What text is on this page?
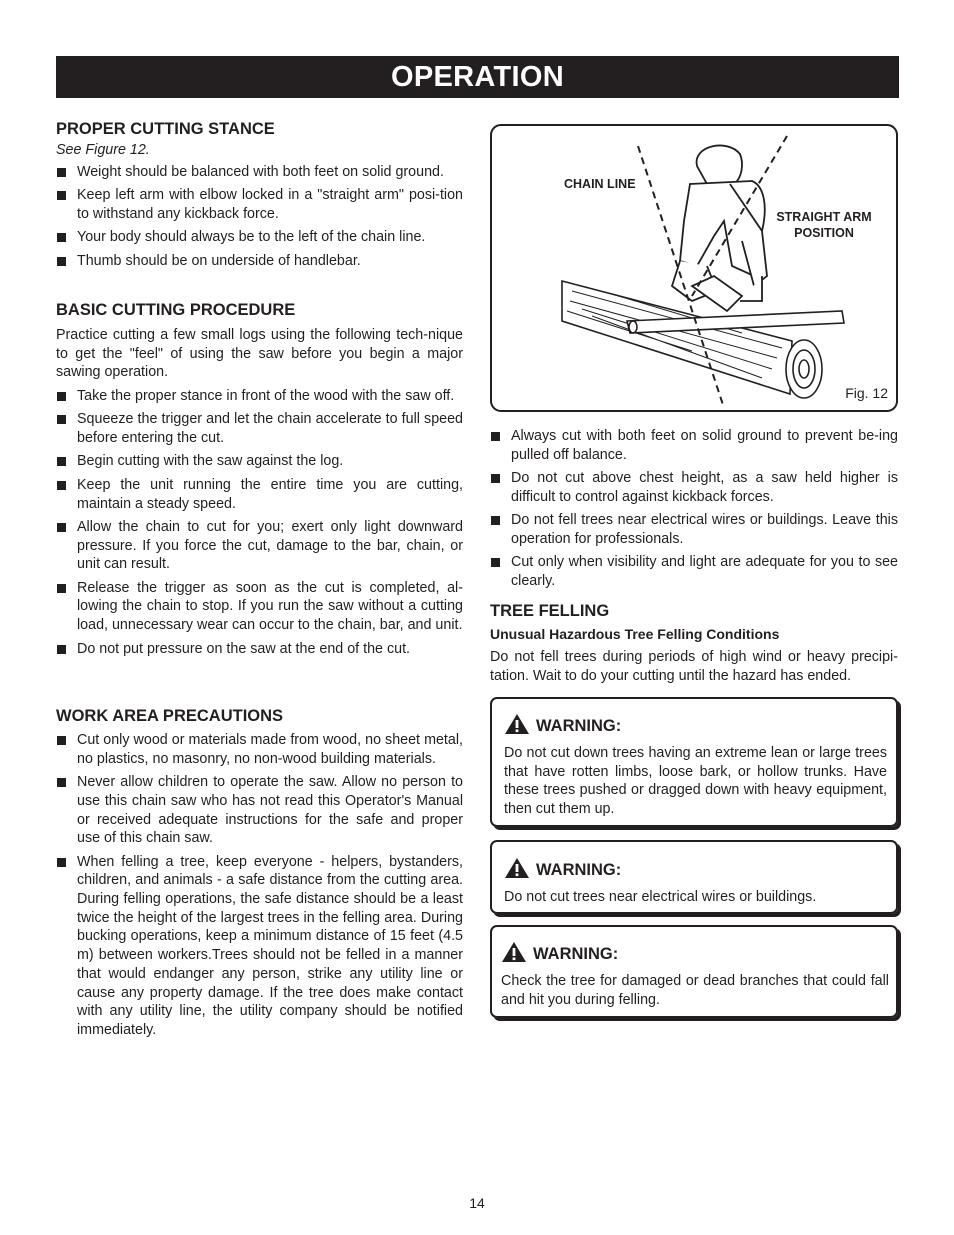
OPERATION
PROPER CUTTING STANCE
See Figure 12.
Weight should be balanced with both feet on solid ground.
Keep left arm with elbow locked in a "straight arm" posi-tion to withstand any kickback force.
Your body should always be to the left of the chain line.
Thumb should be on underside of handlebar.
BASIC CUTTING PROCEDURE
Practice cutting a few small logs using the following tech-nique to get the "feel" of using the saw before you begin a major sawing operation.
Take the proper stance in front of the wood with the saw off.
Squeeze the trigger and let the chain accelerate to full speed before entering the cut.
Begin cutting with the saw against the log.
Keep the unit running the entire time you are cutting, maintain a steady speed.
Allow the chain to cut for you; exert only light downward pressure. If you force the cut, damage to the bar, chain, or unit can result.
Release the trigger as soon as the cut is completed, al-lowing the chain to stop. If you run the saw without a cutting load, unnecessary wear can occur to the chain, bar, and unit.
Do not put pressure on the saw at the end of the cut.
WORK AREA PRECAUTIONS
Cut only wood or materials made from wood, no sheet metal, no plastics, no masonry, no non-wood building materials.
Never allow children to operate the saw. Allow no person to use this chain saw who has not read this Operator's Manual or received adequate instructions for the safe and proper use of this chain saw.
When felling a tree, keep everyone - helpers, bystanders, children, and animals - a safe distance from the cutting area. During felling operations, the safe distance should be a least twice the height of the largest trees in the felling area. During bucking operations, keep a minimum distance of 15 feet (4.5 m) between workers.Trees should not be felled in a manner that would endanger any person, strike any utility line or cause any property damage. If the tree does make contact with any utility line, the utility company should be notified immediately.
CHAIN LINE
STRAIGHT ARM POSITION
Fig. 12
Always cut with both feet on solid ground to prevent be-ing pulled off balance.
Do not cut above chest height, as a saw held higher is difficult to control against kickback forces.
Do not fell trees near electrical wires or buildings. Leave this operation for professionals.
Cut only when visibility and light are adequate for you to see clearly.
TREE FELLING
Unusual Hazardous Tree Felling Conditions
Do not fell trees during periods of high wind or heavy precipi-tation. Wait to do your cutting until the hazard has ended.
WARNING:
Do not cut down trees having an extreme lean or large trees that have rotten limbs, loose bark, or hollow trunks. Have these trees pushed or dragged down with heavy equipment, then cut them up.
WARNING:
Do not cut trees near electrical wires or buildings.
WARNING:
Check the tree for damaged or dead branches that could fall and hit you during felling.
14
